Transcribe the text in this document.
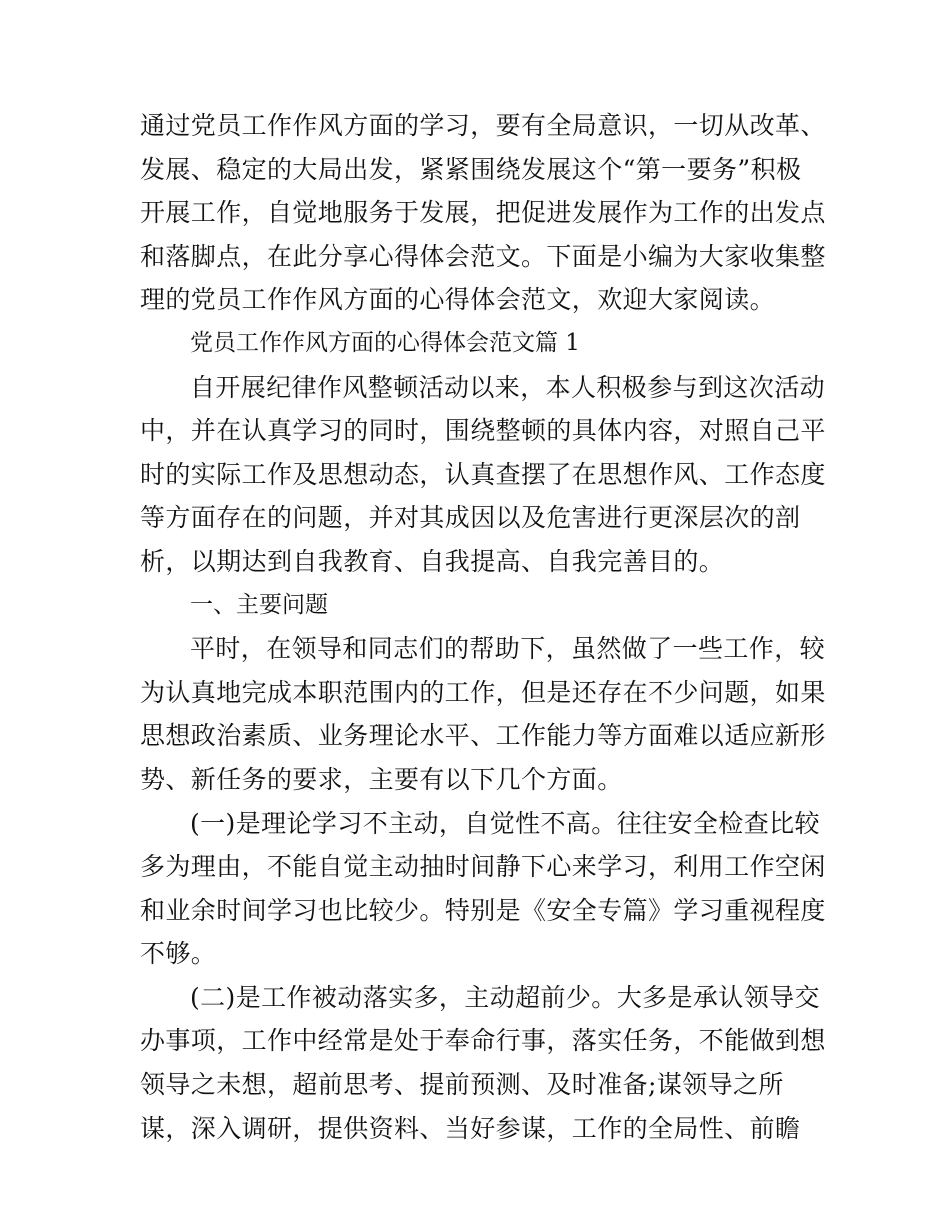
通过党员工作作风方面的学习，要有全局意识，一切从改革、
发展、稳定的大局出发，紧紧围绕发展这个“第一要务”积极
开展工作，自觉地服务于发展，把促进发展作为工作的出发点
和落脚点，在此分享心得体会范文。下面是小编为大家收集整
理的党员工作作风方面的心得体会范文，欢迎大家阅读。
党员工作作风方面的心得体会范文篇 1
自开展纪律作风整顿活动以来，本人积极参与到这次活动
中，并在认真学习的同时，围绕整顿的具体内容，对照自己平
时的实际工作及思想动态，认真查摆了在思想作风、工作态度
等方面存在的问题，并对其成因以及危害进行更深层次的剖
析，以期达到自我教育、自我提高、自我完善目的。
一、主要问题
平时，在领导和同志们的帮助下，虽然做了一些工作，较
为认真地完成本职范围内的工作，但是还存在不少问题，如果
思想政治素质、业务理论水平、工作能力等方面难以适应新形
势、新任务的要求，主要有以下几个方面。
(一)是理论学习不主动，自觉性不高。往往安全检查比较
多为理由，不能自觉主动抽时间静下心来学习，利用工作空闲
和业余时间学习也比较少。特别是《安全专篇》学习重视程度
不够。
(二)是工作被动落实多，主动超前少。大多是承认领导交
办事项，工作中经常是处于奉命行事，落实任务，不能做到想
领导之未想，超前思考、提前预测、及时准备;谋领导之所
谋，深入调研，提供资料、当好参谋，工作的全局性、前瞻
